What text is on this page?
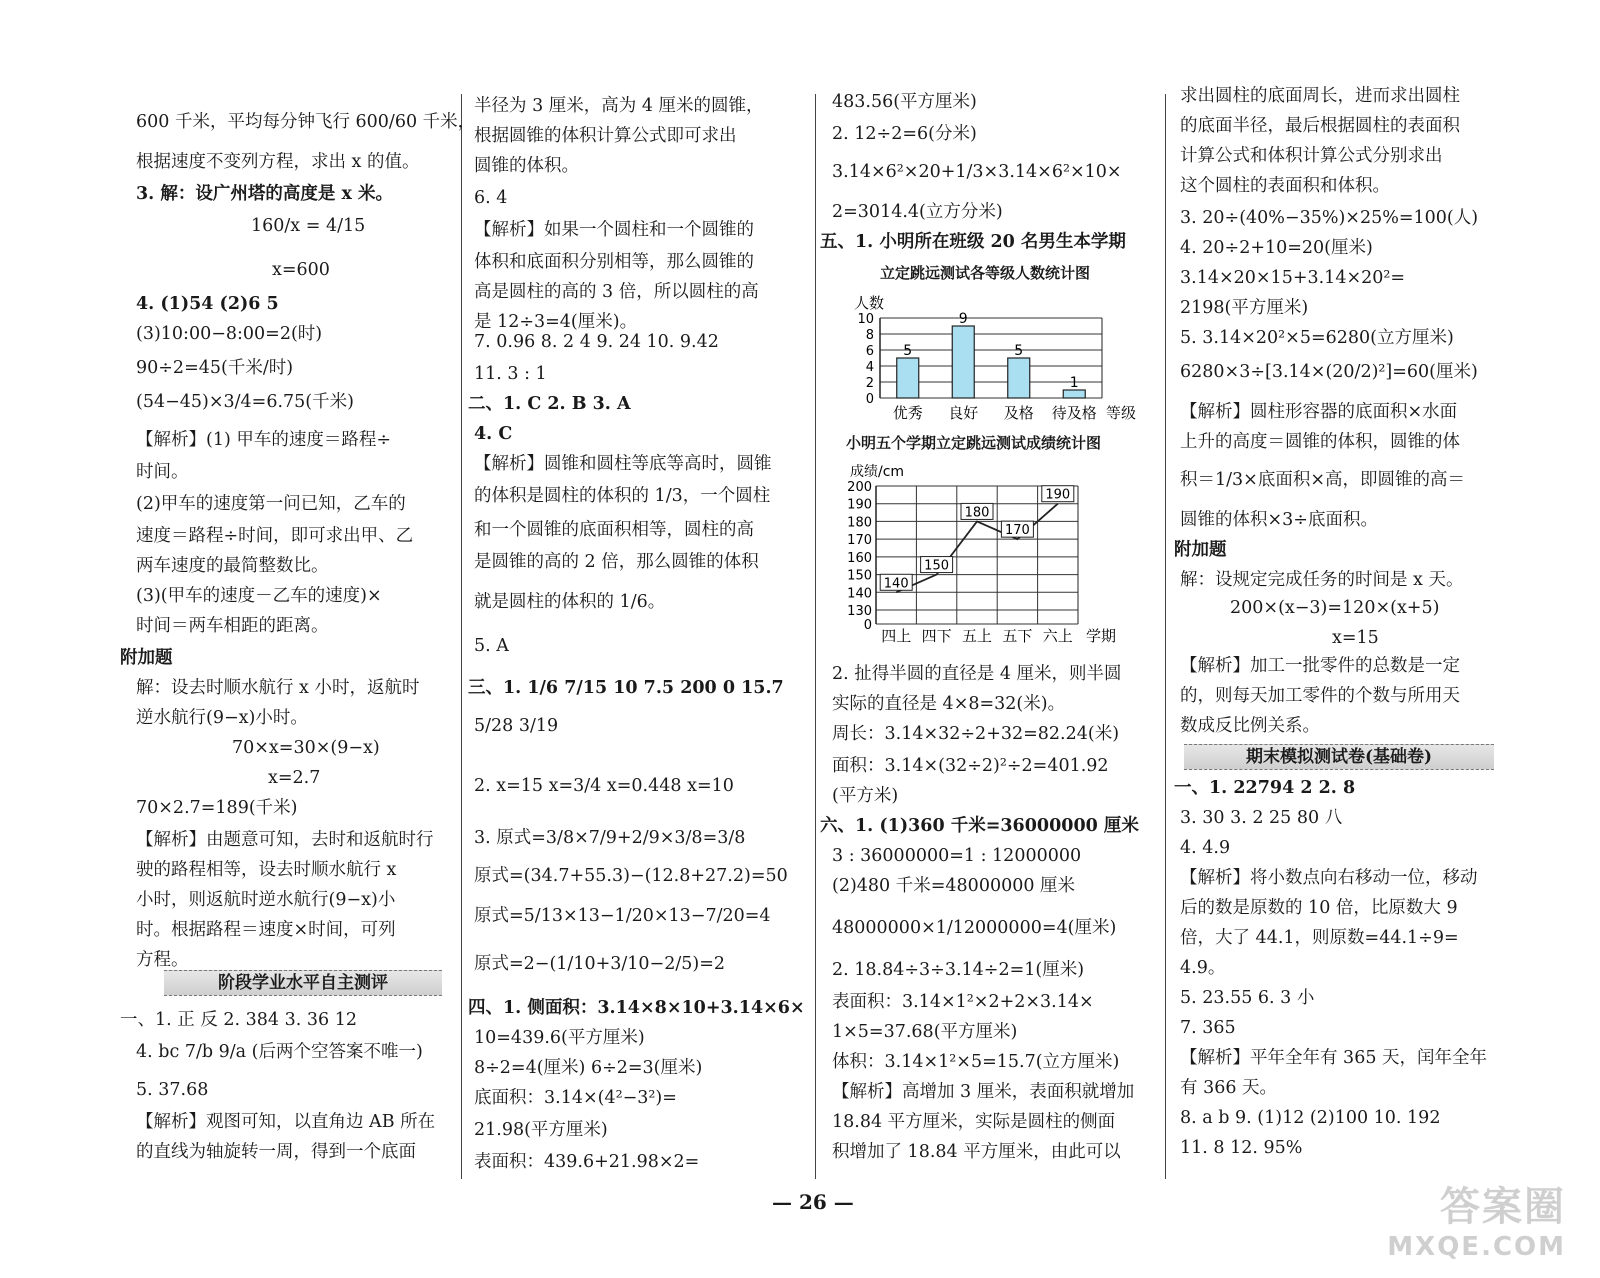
600 千米，平均每分钟飞行 600/60 千米，
根据速度不变列方程，求出 x 的值。
3. 解：设广州塔的高度是 x 米。
160/x = 4/15
x=600
4. (1)54 (2)6 5
(3)10:00−8:00=2(时)
90÷2=45(千米/时)
(54−45)×3/4=6.75(千米)
【解析】(1) 甲车的速度＝路程÷
时间。
(2)甲车的速度第一问已知，乙车的
速度＝路程÷时间，即可求出甲、乙
两车速度的最简整数比。
(3)(甲车的速度－乙车的速度)×
时间＝两车相距的距离。
附加题
解：设去时顺水航行 x 小时，返航时
逆水航行(9−x)小时。
70×x=30×(9−x)
x=2.7
70×2.7=189(千米)
【解析】由题意可知，去时和返航时行
驶的路程相等，设去时顺水航行 x
小时，则返航时逆水航行(9−x)小
时。根据路程＝速度×时间，可列
方程。
一、1. 正 反 2. 384 3. 36 12
4. bc 7/b 9/a (后两个空答案不唯一)
5. 37.68
【解析】观图可知，以直角边 AB 所在
的直线为轴旋转一周，得到一个底面
阶段学业水平自主测评
半径为 3 厘米，高为 4 厘米的圆锥，
根据圆锥的体积计算公式即可求出
圆锥的体积。
6. 4
【解析】如果一个圆柱和一个圆锥的
体积和底面积分别相等，那么圆锥的
高是圆柱的高的 3 倍，所以圆柱的高
是 12÷3=4(厘米)。
7. 0.96 8. 2 4 9. 24 10. 9.42
11. 3 : 1
二、1. C 2. B 3. A
4. C
【解析】圆锥和圆柱等底等高时，圆锥
的体积是圆柱的体积的 1/3，一个圆柱
和一个圆锥的底面积相等，圆柱的高
是圆锥的高的 2 倍，那么圆锥的体积
就是圆柱的体积的 1/6。
5. A
三、1. 1/6 7/15 10 7.5 200 0 15.7
5/28 3/19
2. x=15 x=3/4 x=0.448 x=10
3. 原式=3/8×7/9+2/9×3/8=3/8
原式=(34.7+55.3)−(12.8+27.2)=50
原式=5/13×13−1/20×13−7/20=4
原式=2−(1/10+3/10−2/5)=2
四、1. 侧面积：3.14×8×10+3.14×6×
10=439.6(平方厘米)
8÷2=4(厘米) 6÷2=3(厘米)
底面积：3.14×(4²−3²)=
21.98(平方厘米)
表面积：439.6+21.98×2=
483.56(平方厘米)
2. 12÷2=6(分米)
3.14×6²×20+1/3×3.14×6²×10×
2=3014.4(立方分米)
五、1. 小明所在班级 20 名男生本学期
2. 扯得半圆的直径是 4 厘米，则半圆
实际的直径是 4×8=32(米)。
周长：3.14×32÷2+32=82.24(米)
面积：3.14×(32÷2)²÷2=401.92
(平方米)
六、1. (1)360 千米=36000000 厘米
3 : 36000000=1 : 12000000
(2)480 千米=48000000 厘米
48000000×1/12000000=4(厘米)
2. 18.84÷3÷3.14÷2=1(厘米)
表面积：3.14×1²×2+2×3.14×
1×5=37.68(平方厘米)
体积：3.14×1²×5=15.7(立方厘米)
【解析】高增加 3 厘米，表面积就增加
18.84 平方厘米，实际是圆柱的侧面
积增加了 18.84 平方厘米，由此可以
立定跳远测试各等级人数统计图
人数
0
2
4
6
8
10
5
优秀
9
良好
5
及格
1
待及格 等级
小明五个学期立定跳远测试成绩统计图
成绩/cm
0
130
140
150
160
170
180
190
200
140
150
180
170
190
四上 四下 五上 五下 六上 学期
求出圆柱的底面周长，进而求出圆柱
的底面半径，最后根据圆柱的表面积
计算公式和体积计算公式分别求出
这个圆柱的表面积和体积。
3. 20÷(40%−35%)×25%=100(人)
4. 20÷2+10=20(厘米)
3.14×20×15+3.14×20²=
2198(平方厘米)
5. 3.14×20²×5=6280(立方厘米)
6280×3÷[3.14×(20/2)²]=60(厘米)
【解析】圆柱形容器的底面积×水面
上升的高度＝圆锥的体积，圆锥的体
积＝1/3×底面积×高，即圆锥的高＝
圆锥的体积×3÷底面积。
附加题
解：设规定完成任务的时间是 x 天。
200×(x−3)=120×(x+5)
x=15
【解析】加工一批零件的总数是一定
的，则每天加工零件的个数与所用天
数成反比例关系。
一、1. 22794 2 2. 8
3. 30 3. 2 25 80 八
4. 4.9
【解析】将小数点向右移动一位，移动
后的数是原数的 10 倍，比原数大 9
倍，大了 44.1，则原数=44.1÷9=
4.9。
5. 23.55 6. 3 小
7. 365
【解析】平年全年有 365 天，闰年全年
有 366 天。
8. a b 9. (1)12 (2)100 10. 192
11. 8 12. 95%
期末模拟测试卷(基础卷)
— 26 —	答案圈
MXQE.COM
